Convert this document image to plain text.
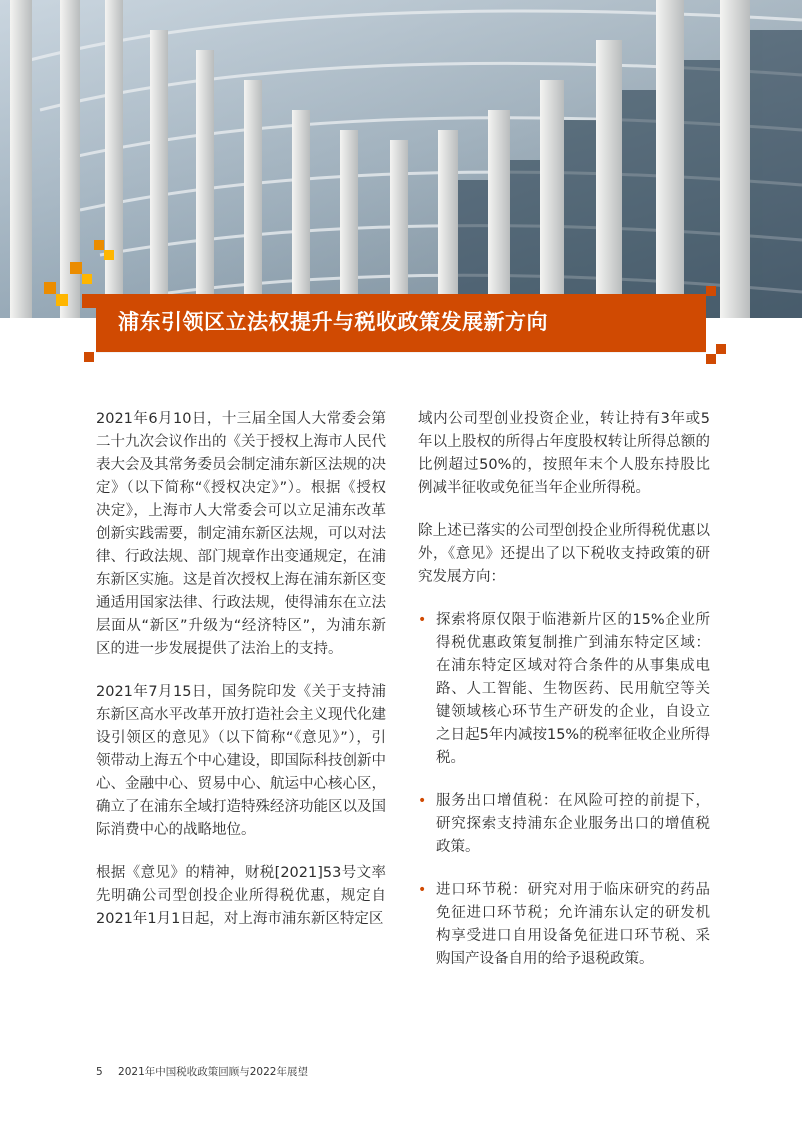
浦东引领区立法权提升与税收政策发展新方向

2021年6月10日，十三届全国人大常委会第二十九次会议作出的《关于授权上海市人民代表大会及其常务委员会制定浦东新区法规的决定》（以下简称“《授权决定》”）。根据《授权决定》，上海市人大常委会可以立足浦东改革创新实践需要，制定浦东新区法规，可以对法律、行政法规、部门规章作出变通规定，在浦东新区实施。这是首次授权上海在浦东新区变通适用国家法律、行政法规，使得浦东在立法层面从“新区”升级为“经济特区”，为浦东新区的进一步发展提供了法治上的支持。

2021年7月15日，国务院印发《关于支持浦东新区高水平改革开放打造社会主义现代化建设引领区的意见》（以下简称“《意见》”），引领带动上海五个中心建设，即国际科技创新中心、金融中心、贸易中心、航运中心核心区，确立了在浦东全域打造特殊经济功能区以及国际消费中心的战略地位。

根据《意见》的精神，财税[2021]53号文率先明确公司型创投企业所得税优惠，规定自2021年1月1日起，对上海市浦东新区特定区

域内公司型创业投资企业，转让持有3年或5年以上股权的所得占年度股权转让所得总额的比例超过50%的，按照年末个人股东持股比例减半征收或免征当年企业所得税。

除上述已落实的公司型创投企业所得税优惠以外，《意见》还提出了以下税收支持政策的研究发展方向：

• 探索将原仅限于临港新片区的15%企业所得税优惠政策复制推广到浦东特定区域：在浦东特定区域对符合条件的从事集成电路、人工智能、生物医药、民用航空等关键领域核心环节生产研发的企业，自设立之日起5年内减按15%的税率征收企业所得税。
• 服务出口增值税：在风险可控的前提下，研究探索支持浦东企业服务出口的增值税政策。
• 进口环节税：研究对用于临床研究的药品免征进口环节税；允许浦东认定的研发机构享受进口自用设备免征进口环节税、采购国产设备自用的给予退税政策。
5 2021年中国税收政策回顾与2022年展望
